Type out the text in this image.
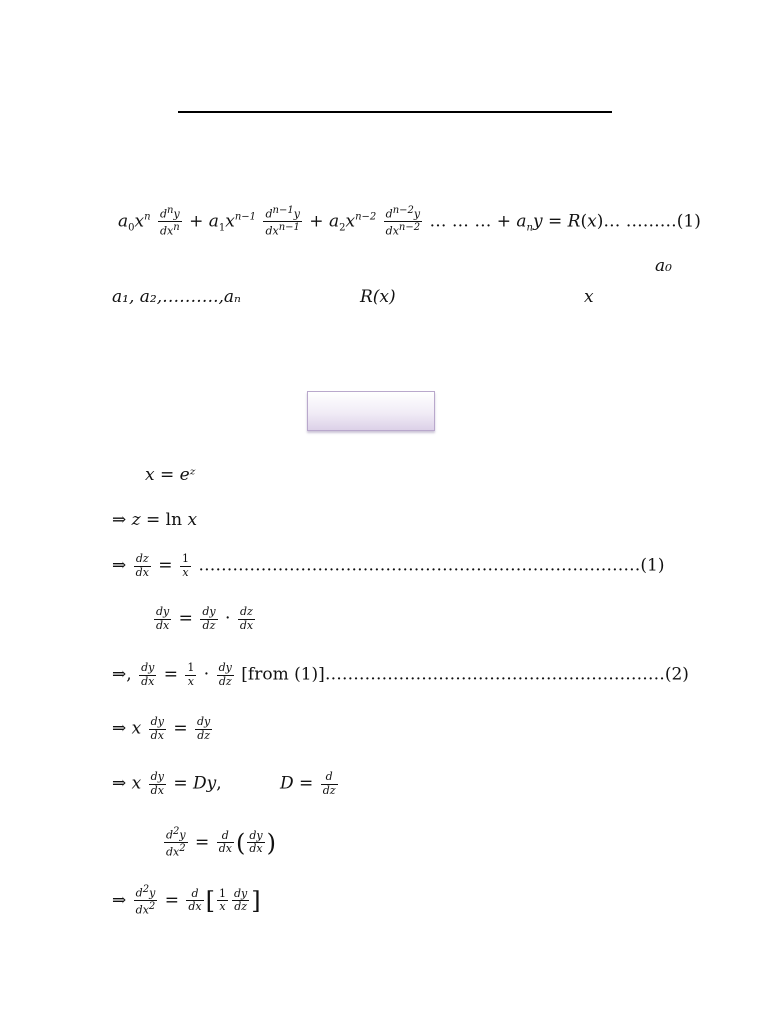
$a_0x^n \frac{d^ny}{dx^n} + a_1x^{n-1} \frac{d^{n-1}y}{dx^{n-1}} + a_2x^{n-2} \frac{d^{n-2}y}{dx^{n-2}}$ … … … + $a_ny$ = R(x)… ………(1)
a₀
a₁, a₂,……….,aₙ	R(x)	x
x = eᶻ
⇒ z = ln x
⇒ $\frac{dz}{dx} = \frac{1}{x}$ ……………………………………………………………………(1)
$\frac{dy}{dx} = \frac{dy}{dz} \cdot \frac{dz}{dx}$
⇒, $\frac{dy}{dx} = \frac{1}{x} \cdot \frac{dy}{dz}$ [from (1)]……………………………………………………(2)
⇒ x $\frac{dy}{dx} = \frac{dy}{dz}$
⇒ x $\frac{dy}{dx} = Dy$,	$D = \frac{d}{dz}$
$\frac{d^2y}{dx^2} = \frac{d}{dx}$ ( $\frac{dy}{dx}$ )
⇒ $\frac{d^2y}{dx^2} = \frac{d}{dx}$ [ $\frac{1}{x} \frac{dy}{dz}$ ]
